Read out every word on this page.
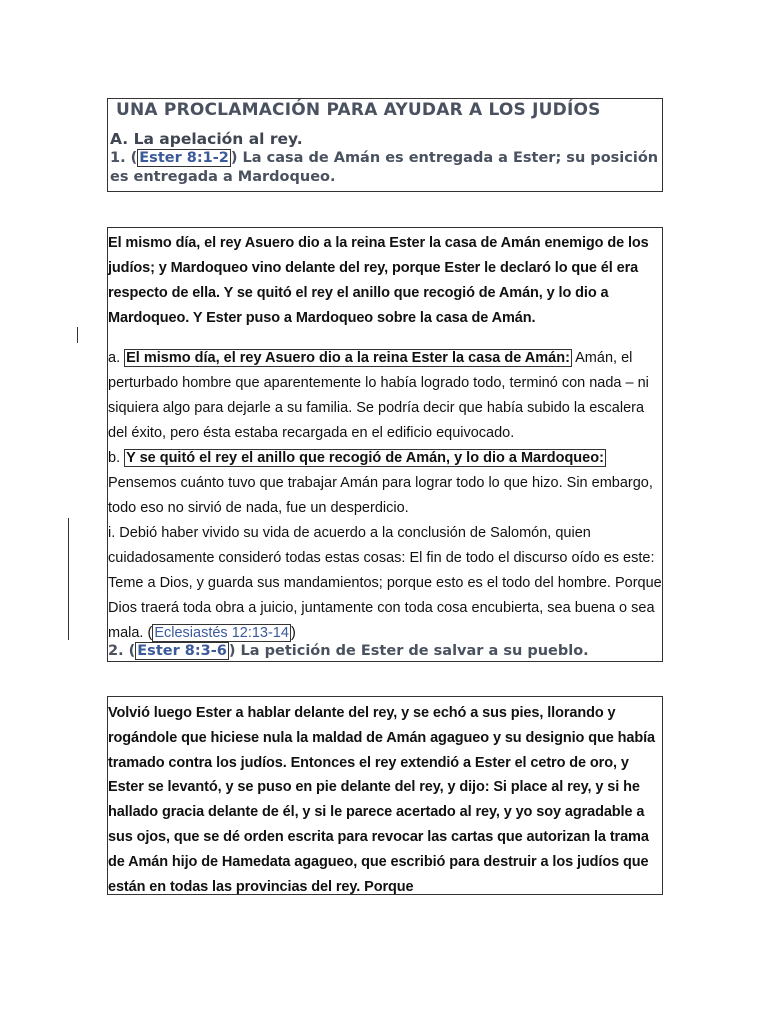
UNA PROCLAMACIÓN PARA AYUDAR A LOS JUDÍOS
A. La apelación al rey.
1. ( Ester 8:1-2 ) La casa de Amán es entregada a Ester; su posición es entregada a Mardoqueo.

El mismo día, el rey Asuero dio a la reina Ester la casa de Amán enemigo de los judíos; y Mardoqueo vino delante del rey, porque Ester le declaró lo que él era respecto de ella. Y se quitó el rey el anillo que recogió de Amán, y lo dio a Mardoqueo. Y Ester puso a Mardoqueo sobre la casa de Amán.

a. El mismo día, el rey Asuero dio a la reina Ester la casa de Amán: Amán, el perturbado hombre que aparentemente lo había logrado todo, terminó con nada – ni siquiera algo para dejarle a su familia. Se podría decir que había subido la escalera del éxito, pero ésta estaba recargada en el edificio equivocado.

b. Y se quitó el rey el anillo que recogió de Amán, y lo dio a Mardoqueo: Pensemos cuánto tuvo que trabajar Amán para lograr todo lo que hizo. Sin embargo, todo eso no sirvió de nada, fue un desperdicio.

i. Debió haber vivido su vida de acuerdo a la conclusión de Salomón, quien cuidadosamente consideró todas estas cosas: El fin de todo el discurso oído es este: Teme a Dios, y guarda sus mandamientos; porque esto es el todo del hombre. Porque Dios traerá toda obra a juicio, juntamente con toda cosa encubierta, sea buena o sea mala. ( Eclesiastés 12:13-14 )

2. ( Ester 8:3-6 ) La petición de Ester de salvar a su pueblo.

Volvió luego Ester a hablar delante del rey, y se echó a sus pies, llorando y rogándole que hiciese nula la maldad de Amán agagueo y su designio que había tramado contra los judíos. Entonces el rey extendió a Ester el cetro de oro, y Ester se levantó, y se puso en pie delante del rey, y dijo: Si place al rey, y si he hallado gracia delante de él, y si le parece acertado al rey, y yo soy agradable a sus ojos, que se dé orden escrita para revocar las cartas que autorizan la trama de Amán hijo de Hamedata agagueo, que escribió para destruir a los judíos que están en todas las provincias del rey. Porque
